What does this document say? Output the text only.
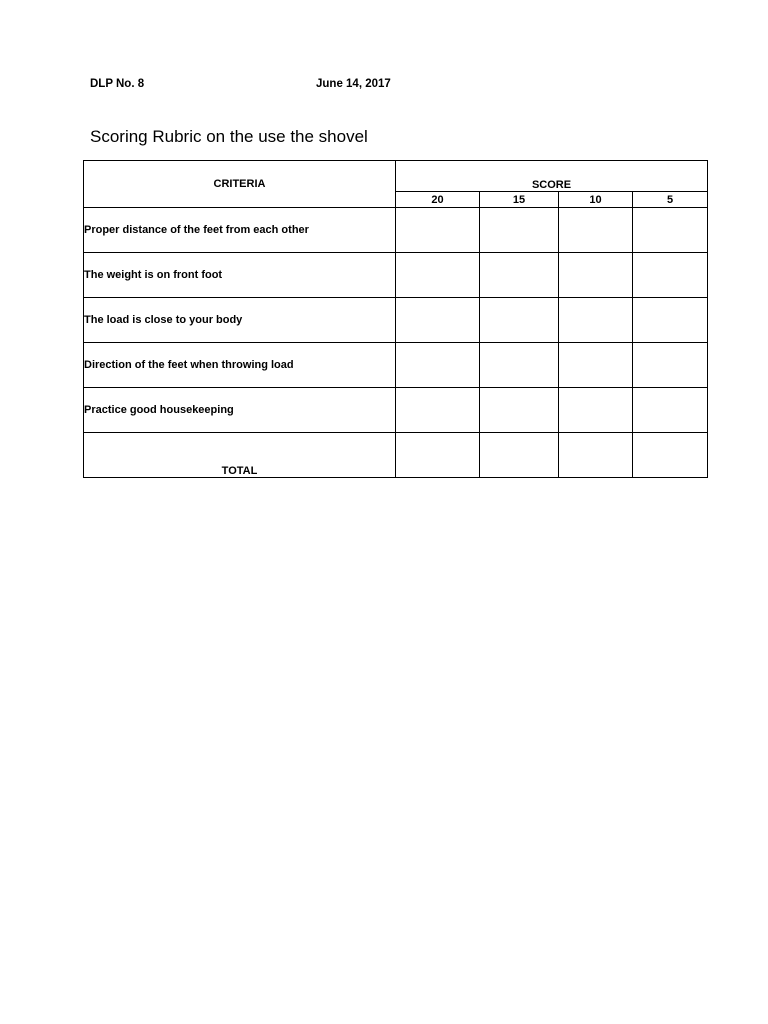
DLP No. 8	June 14, 2017
Scoring Rubric on the use the shovel
CRITERIA	SCORE			
	20	15	10	5
Proper distance of the feet from each other				
The weight is on front foot				
The load is close to your body				
Direction of the feet when throwing load				
Practice good housekeeping				
TOTAL				
